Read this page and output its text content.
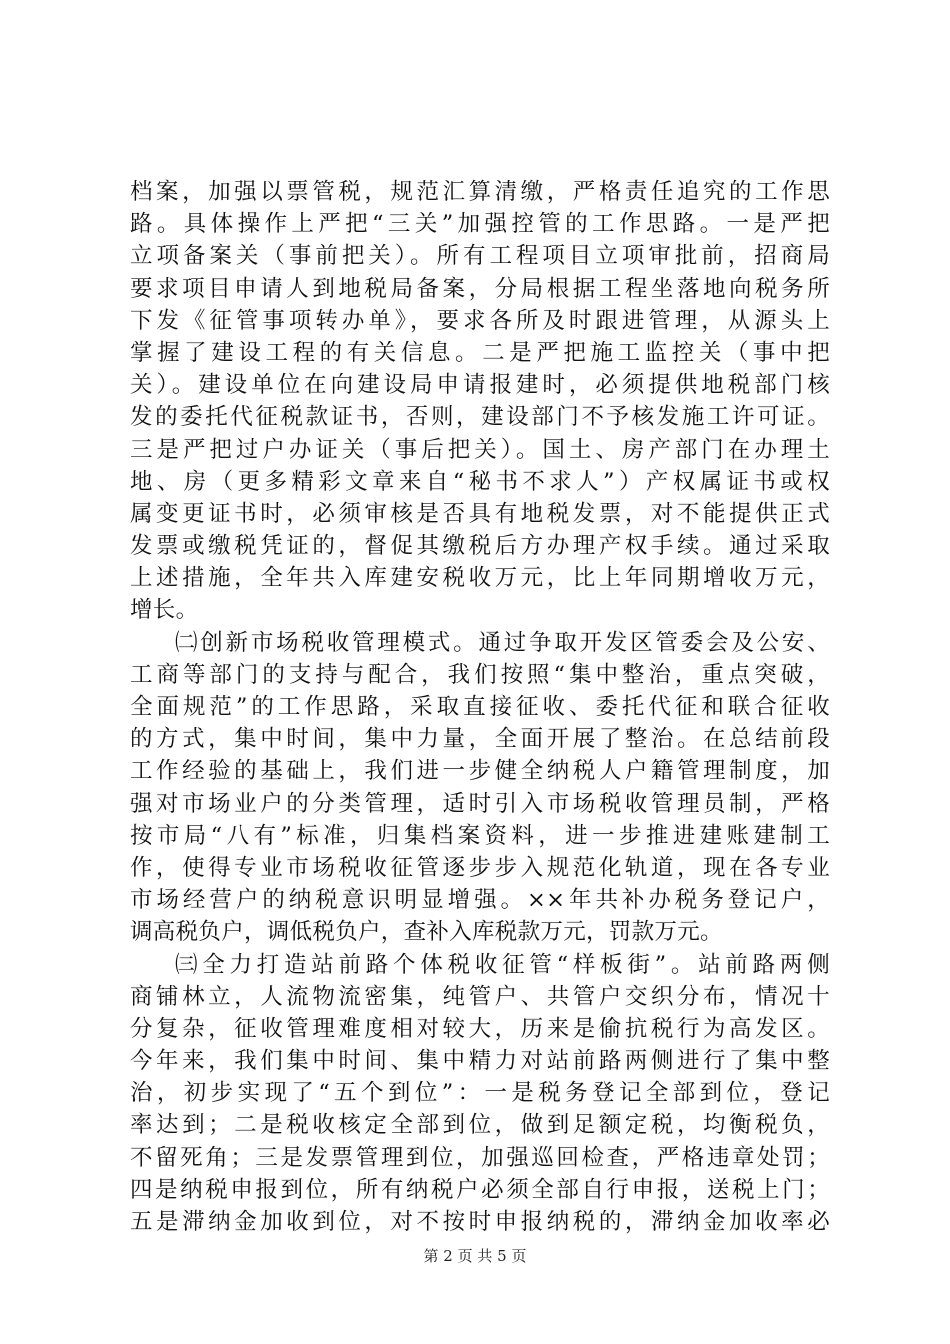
档案，加强以票管税，规范汇算清缴，严格责任追究的工作思
路。具体操作上严把“三关”加强控管的工作思路。一是严把
立项备案关（事前把关）。所有工程项目立项审批前，招商局
要求项目申请人到地税局备案，分局根据工程坐落地向税务所
下发《征管事项转办单》，要求各所及时跟进管理，从源头上
掌握了建设工程的有关信息。二是严把施工监控关（事中把
关）。建设单位在向建设局申请报建时，必须提供地税部门核
发的委托代征税款证书，否则，建设部门不予核发施工许可证。
三是严把过户办证关（事后把关）。国土、房产部门在办理土
地、房（更多精彩文章来自“秘书不求人”）产权属证书或权
属变更证书时，必须审核是否具有地税发票，对不能提供正式
发票或缴税凭证的，督促其缴税后方办理产权手续。通过采取
上述措施，全年共入库建安税收万元，比上年同期增收万元，
增长。
㈡创新市场税收管理模式。通过争取开发区管委会及公安、
工商等部门的支持与配合，我们按照“集中整治，重点突破，
全面规范”的工作思路，采取直接征收、委托代征和联合征收
的方式，集中时间，集中力量，全面开展了整治。在总结前段
工作经验的基础上，我们进一步健全纳税人户籍管理制度，加
强对市场业户的分类管理，适时引入市场税收管理员制，严格
按市局“八有”标准，归集档案资料，进一步推进建账建制工
作，使得专业市场税收征管逐步步入规范化轨道，现在各专业
市场经营户的纳税意识明显增强。××年共补办税务登记户，
调高税负户，调低税负户，查补入库税款万元，罚款万元。
㈢全力打造站前路个体税收征管“样板街”。站前路两侧
商铺林立，人流物流密集，纯管户、共管户交织分布，情况十
分复杂，征收管理难度相对较大，历来是偷抗税行为高发区。
今年来，我们集中时间、集中精力对站前路两侧进行了集中整
治，初步实现了“五个到位”：一是税务登记全部到位，登记
率达到；二是税收核定全部到位，做到足额定税，均衡税负，
不留死角；三是发票管理到位，加强巡回检查，严格违章处罚；
四是纳税申报到位，所有纳税户必须全部自行申报，送税上门；
五是滞纳金加收到位，对不按时申报纳税的，滞纳金加收率必
第 2 页 共 5 页
